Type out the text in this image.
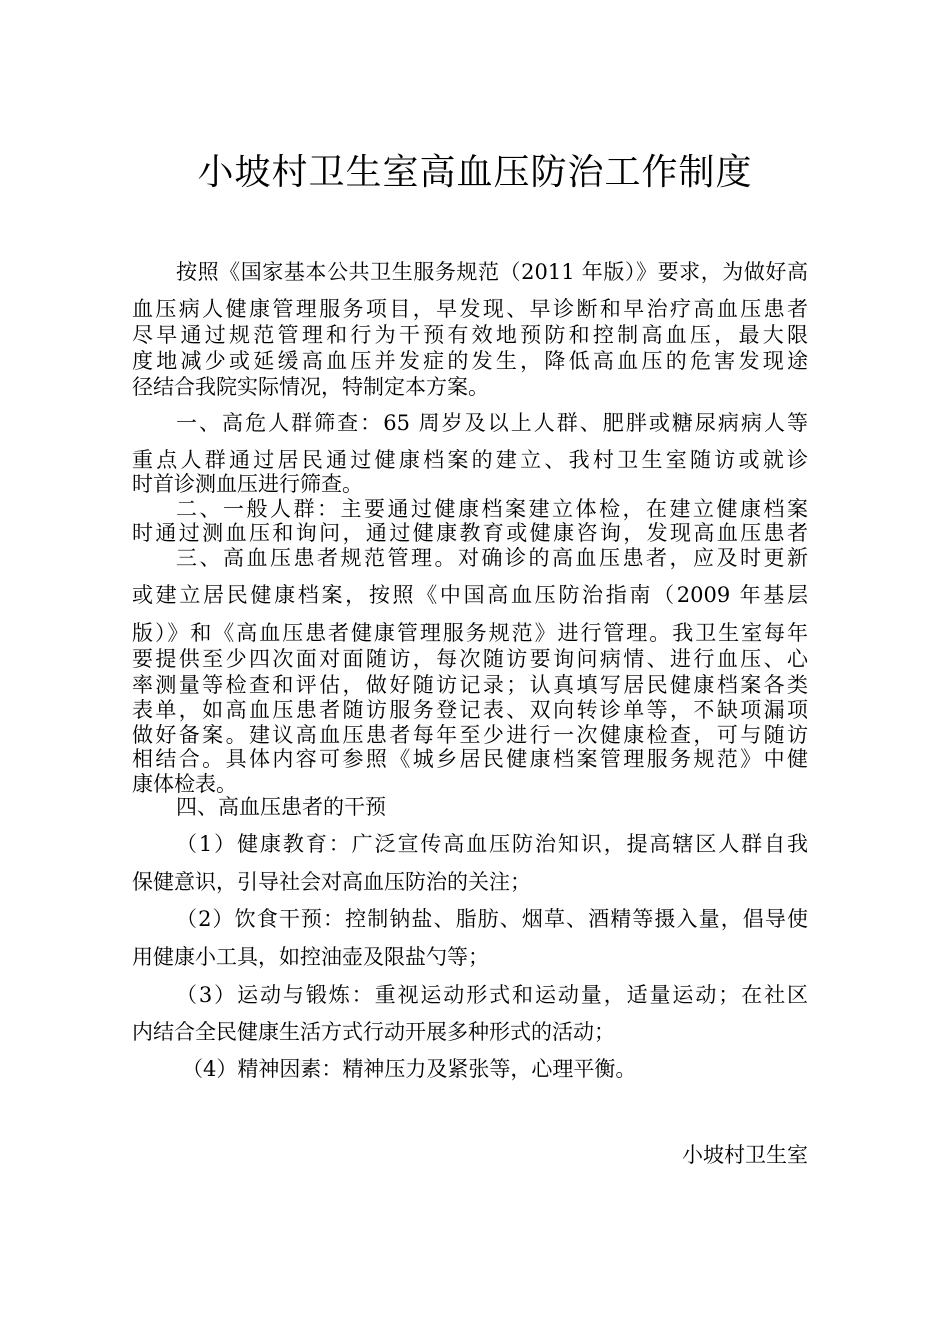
小坡村卫生室高血压防治工作制度
按照《国家基本公共卫生服务规范（2011 年版）》要求，为做好高
血压病人健康管理服务项目，早发现、早诊断和早治疗高血压患者
尽早通过规范管理和行为干预有效地预防和控制高血压，最大限
度地减少或延缓高血压并发症的发生，降低高血压的危害发现途
径结合我院实际情况，特制定本方案。
一、高危人群筛查：65 周岁及以上人群、肥胖或糖尿病病人等
重点人群通过居民通过健康档案的建立、我村卫生室随访或就诊
时首诊测血压进行筛查。
二、一般人群：主要通过健康档案建立体检，在建立健康档案
时通过测血压和询问，通过健康教育或健康咨询，发现高血压患者
三、高血压患者规范管理。对确诊的高血压患者，应及时更新
或建立居民健康档案，按照《中国高血压防治指南（2009 年基层
版）》和《高血压患者健康管理服务规范》进行管理。我卫生室每年
要提供至少四次面对面随访，每次随访要询问病情、进行血压、心
率测量等检查和评估，做好随访记录；认真填写居民健康档案各类
表单，如高血压患者随访服务登记表、双向转诊单等，不缺项漏项
做好备案。建议高血压患者每年至少进行一次健康检查，可与随访
相结合。具体内容可参照《城乡居民健康档案管理服务规范》中健
康体检表。
四、高血压患者的干预
（1）健康教育：广泛宣传高血压防治知识，提高辖区人群自我
保健意识，引导社会对高血压防治的关注；
（2）饮食干预：控制钠盐、脂肪、烟草、酒精等摄入量，倡导使
用健康小工具，如控油壶及限盐勺等；
（3）运动与锻炼：重视运动形式和运动量，适量运动；在社区
内结合全民健康生活方式行动开展多种形式的活动；
（4）精神因素：精神压力及紧张等，心理平衡。
小坡村卫生室
